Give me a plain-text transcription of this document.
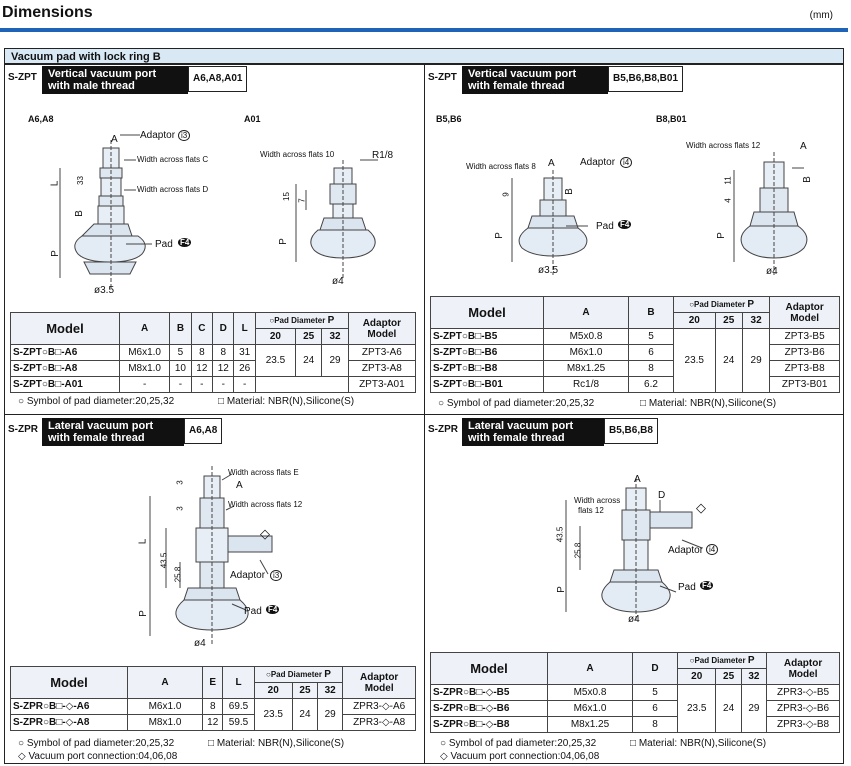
Dimensions	(mm)
Vacuum pad with lock ring B
S-ZPT Vertical vacuum port
with male thread
A6,A8,A01
A6,A8	A01
A Adaptor i3
Width across flats C
Width across flats D
L 33
B
P
Pad F4
ø3.5
Width across flats 10	R1/8
15 7
P
ø4
Model	A	B	C	D	L	○Pad Diameter P			Adaptor
Model
						20	25	32	
S-ZPT○B□-A6	M6x1.0	5	8	8	31	23.5	24	29	ZPT3-A6
S-ZPT○B□-A8	M8x1.0	10	12	12	26				ZPT3-A8
S-ZPT○B□-A01	-	-	-	-	-				ZPT3-A01
○ Symbol of pad diameter:20,25,32	□ Material: NBR(N),Silicone(S)
S-ZPT Vertical vacuum port
with female thread
B5,B6,B8,B01
B5,B6	B8,B01
Width across flats 8 A	Adaptor i4
9	B
Pad F4
P
ø3.5
Width across flats 12	A
11
4
B
P
ø4
Model	A	B	○Pad Diameter P			Adaptor
Model
			20	25	32	
S-ZPT○B□-B5	M5x0.8	5	23.5	24	29	ZPT3-B5
S-ZPT○B□-B6	M6x1.0	6				ZPT3-B6
S-ZPT○B□-B8	M8x1.25	8				ZPT3-B8
S-ZPT○B□-B01	Rc1/8	6.2				ZPT3-B01
○ Symbol of pad diameter:20,25,32	□ Material: NBR(N),Silicone(S)
S-ZPR Lateral vacuum port
with female thread
A6,A8
3
3
Width across flats E
A
Width across flats 12
◇
L
43.5
25.8	Adaptor i3
Pad F4
P
ø4
Model	A	E	L	○Pad Diameter P			Adaptor
Model
				20	25	32	
S-ZPR○B□-◇-A6	M6x1.0	8	69.5	23.5	24	29	ZPR3-◇-A6
S-ZPR○B□-◇-A8	M8x1.0	12	59.5				ZPR3-◇-A8
○ Symbol of pad diameter:20,25,32	□ Material: NBR(N),Silicone(S)
◇ Vacuum port connection:04,06,08
S-ZPR Lateral vacuum port
with female thread
B5,B6,B8
A
Width across
flats 12
D
◇
43.5
25.8	Adaptor i4
Pad F4
P
ø4
Model	A	D	○Pad Diameter P			Adaptor
Model
			20	25	32	
S-ZPR○B□-◇-B5	M5x0.8	5	23.5	24	29	ZPR3-◇-B5
S-ZPR○B□-◇-B6	M6x1.0	6				ZPR3-◇-B6
S-ZPR○B□-◇-B8	M8x1.25	8				ZPR3-◇-B8
○ Symbol of pad diameter:20,25,32	□ Material: NBR(N),Silicone(S)
◇ Vacuum port connection:04,06,08
